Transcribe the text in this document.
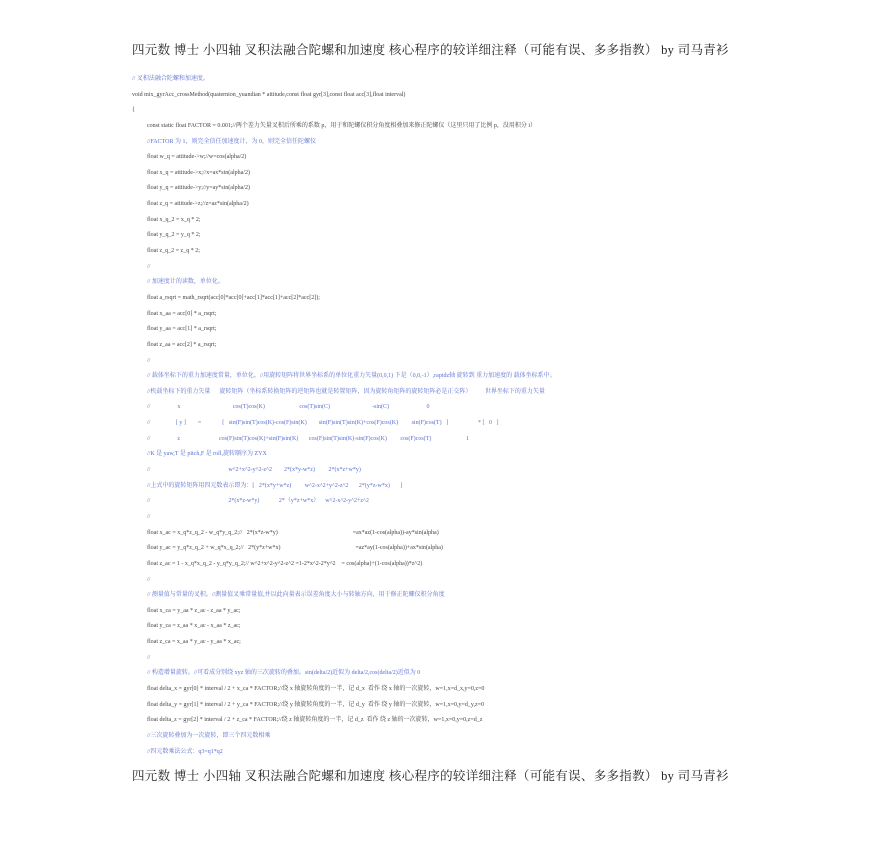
四元数 博士 小四轴 叉积法融合陀螺和加速度 核心程序的较详细注释（可能有误、多多指教） by 司马青衫
// 叉积法融合陀螺和加速度。
void mix_gyrAcc_crossMethod(quaternion_yuandian * attitude,const float gyr[3],const float acc[3],float interval)
{
const static float FACTOR = 0.001;//两个差力矢量叉积后所乘的系数 p，用于和陀螺仪积分角度相叠加来修正陀螺仪（这里只用了比例 p，没用积分 i）
//FACTOR 为 1，则完全信任加速度计，为 0，则完全信任陀螺仪
float w_q = attitude->w;//w=cos(alpha/2)
float x_q = attitude->x;//x=ax*sin(alpha/2)
float y_q = attitude->y;//y=ay*sin(alpha/2)
float z_q = attitude->z;//z=az*sin(alpha/2)
float x_q_2 = x_q * 2;
float y_q_2 = y_q * 2;
float z_q_2 = z_q * 2;
//
// 加速度计的读数，单位化。
float a_rsqrt = math_rsqrt(acc[0]*acc[0]+acc[1]*acc[1]+acc[2]*acc[2]);
float x_aa = acc[0] * a_rsqrt;
float y_aa = acc[1] * a_rsqrt;
float z_aa = acc[2] * a_rsqrt;
//
// 载体坐标下的重力加速度常量，单位化。//用旋转矩阵将世界坐标系的单位化重力矢量(0,0,1) 下是（0,0,-1）,rapidz轴 旋转到 重力加速度的 载体坐标系中。
//机载坐标下的重力矢量      旋转矩阵（坐标系转换矩阵的逆矩阵也就是转置矩阵，因为旋转角矩阵的旋转矩阵必是正交阵）         世界坐标下的重力矢量
//                  x                                   cos(T)cos(K)                       cos(T)sin(C)                            -sin(C)                         0
//                 [ y ]        =              [   sin(F)sin(T)cos(K)-cos(F)sin(K)        sin(F)sin(T)sin(K)+cos(F)cos(K)         sin(F)cos(T)   ]                    * [   0   ]
//                  z                          cos(F)sin(T)cos(K)+sin(F)sin(K)       cos(F)sin(T)sin(K)-sin(F)cos(K)         cos(F)cos(T)                       1
//K 是 yaw,T 是 pitch,F 是 roll,旋转顺序为 ZYX
//                                                    w^2+x^2-y^2-z^2        2*(x*y-w*z)         2*(x*z+w*y)
//上式中的旋转矩阵用四元数表示即为：[   2*(x*y+w*z)         w^2-x^2+y^2-z^2       2*(y*z-w*x)       ]
//                                                    2*(x*z-w*y)             2*（y*z+w*x）    w^2-x^2-y^2+z^2
//
float x_ac = x_q*z_q_2 - w_q*y_q_2;//   2*(x*z-w*y)                                                  =ax*az(1-cos(alpha))-ay*sin(alpha)
float y_ac = y_q*z_q_2 + w_q*x_q_2;//   2*(y*z+w*x)                                                  =az*ay(1-cos(alpha))+ax*sin(alpha)
float z_ac = 1 - x_q*x_q_2 - y_q*y_q_2;// w^2+x^2-y^2-z^2 =1-2*x^2-2*y^2    = cos(alpha)+(1-cos(alpha))*z^2)
//
// 测量值与常量的叉积。//测量值叉乘常量值,并以此向量表示误差角度大小与转轴方向，用于修正陀螺仪积分角度
float x_ca = y_aa * z_ac - z_aa * y_ac;
float y_ca = z_aa * x_ac - x_aa * z_ac;
float z_ca = x_aa * y_ac - y_aa * x_ac;
//
// 构造增量旋转。//可看成分别绕 xyz 轴的三次旋转的叠加。sin(delta/2)近似为 delta/2,cos(delta/2)近似为 0
float delta_x = gyr[0] * interval / 2 + x_ca * FACTOR;//绕 x 轴旋转角度的一半，记 d_x  看作 绕 x 轴的一次旋转，w=1,x=d_x,y=0,z=0
float delta_y = gyr[1] * interval / 2 + y_ca * FACTOR;//绕 y 轴旋转角度的一半，记 d_y  看作 绕 y 轴的一次旋转，w=1,x=0,y=d_y,z=0
float delta_z = gyr[2] * interval / 2 + z_ca * FACTOR;//绕 z 轴旋转角度的一半，记 d_z  看作 绕 z 轴的一次旋转，w=1,x=0,y=0,z=d_z
//三次旋转叠加为一次旋转，即三个四元数相乘
//四元数乘法公式：q3=q1*q2
四元数 博士 小四轴 叉积法融合陀螺和加速度 核心程序的较详细注释（可能有误、多多指教） by 司马青衫
